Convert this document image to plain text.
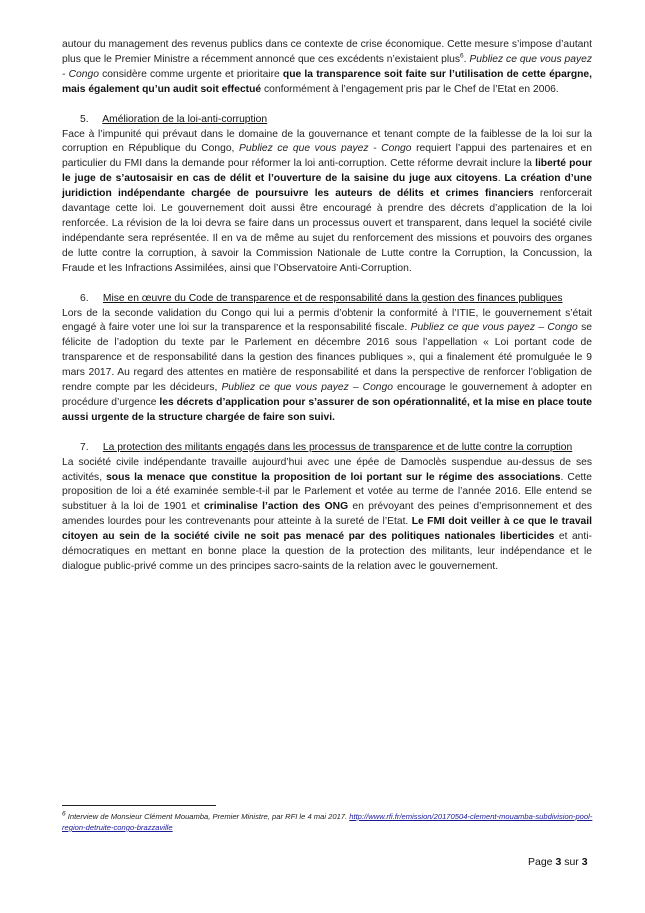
autour du management des revenus publics dans ce contexte de crise économique. Cette mesure s’impose d’autant plus que le Premier Ministre a récemment annoncé que ces excédents n’existaient plus$^6$. Publiez ce que vous payez - Congo considère comme urgente et prioritaire que la transparence soit faite sur l’utilisation de cette épargne, mais également qu’un audit soit effectué conformément à l’engagement pris par le Chef de l’Etat en 2006.

5. Amélioration de la loi-anti-corruption

Face à l’impunité qui prévaut dans le domaine de la gouvernance et tenant compte de la faiblesse de la loi sur la corruption en République du Congo, Publiez ce que vous payez - Congo requiert l’appui des partenaires et en particulier du FMI dans la demande pour réformer la loi anti-corruption. Cette réforme devrait inclure la liberté pour le juge de s’autosaisir en cas de délit et l’ouverture de la saisine du juge aux citoyens. La création d’une juridiction indépendante chargée de poursuivre les auteurs de délits et crimes financiers renforcerait davantage cette loi. Le gouvernement doit aussi être encouragé à prendre des décrets d’application de la loi renforcée. La révision de la loi devra se faire dans un processus ouvert et transparent, dans lequel la société civile indépendante sera représentée. Il en va de même au sujet du renforcement des missions et pouvoirs des organes de lutte contre la corruption, à savoir la Commission Nationale de Lutte contre la Corruption, la Concussion, la Fraude et les Infractions Assimilées, ainsi que l’Observatoire Anti-Corruption.

6. Mise en œuvre du Code de transparence et de responsabilité dans la gestion des finances publiques

Lors de la seconde validation du Congo qui lui a permis d’obtenir la conformité à l’ITIE, le gouvernement s’était engagé à faire voter une loi sur la transparence et la responsabilité fiscale. Publiez ce que vous payez – Congo se félicite de l’adoption du texte par le Parlement en décembre 2016 sous l’appellation « Loi portant code de transparence et de responsabilité dans la gestion des finances publiques », qui a finalement été promulguée le 9 mars 2017. Au regard des attentes en matière de responsabilité et dans la perspective de renforcer l’obligation de rendre compte par les décideurs, Publiez ce que vous payez – Congo encourage le gouvernement à adopter en procédure d’urgence les décrets d’application pour s’assurer de son opérationnalité, et la mise en place toute aussi urgente de la structure chargée de faire son suivi.

7. La protection des militants engagés dans les processus de transparence et de lutte contre la corruption

La société civile indépendante travaille aujourd’hui avec une épée de Damoclès suspendue au-dessus de ses activités, sous la menace que constitue la proposition de loi portant sur le régime des associations. Cette proposition de loi a été examinée semble-t-il par le Parlement et votée au terme de l’année 2016. Elle entend se substituer à la loi de 1901 et criminalise l’action des ONG en prévoyant des peines d’emprisonnement et des amendes lourdes pour les contrevenants pour atteinte à la sureté de l’Etat. Le FMI doit veiller à ce que le travail citoyen au sein de la société civile ne soit pas menacé par des politiques nationales liberticides et anti-démocratiques en mettant en bonne place la question de la protection des militants, leur indépendance et le dialogue public-privé comme un des principes sacro-saints de la relation avec le gouvernement.

$^6$ Interview de Monsieur Clément Mouamba, Premier Ministre, par RFI le 4 mai 2017. http://www.rfi.fr/emission/20170504-clement-mouamba-subdivision-pool-region-detruite-congo-brazzaville
Page 3 sur 3
